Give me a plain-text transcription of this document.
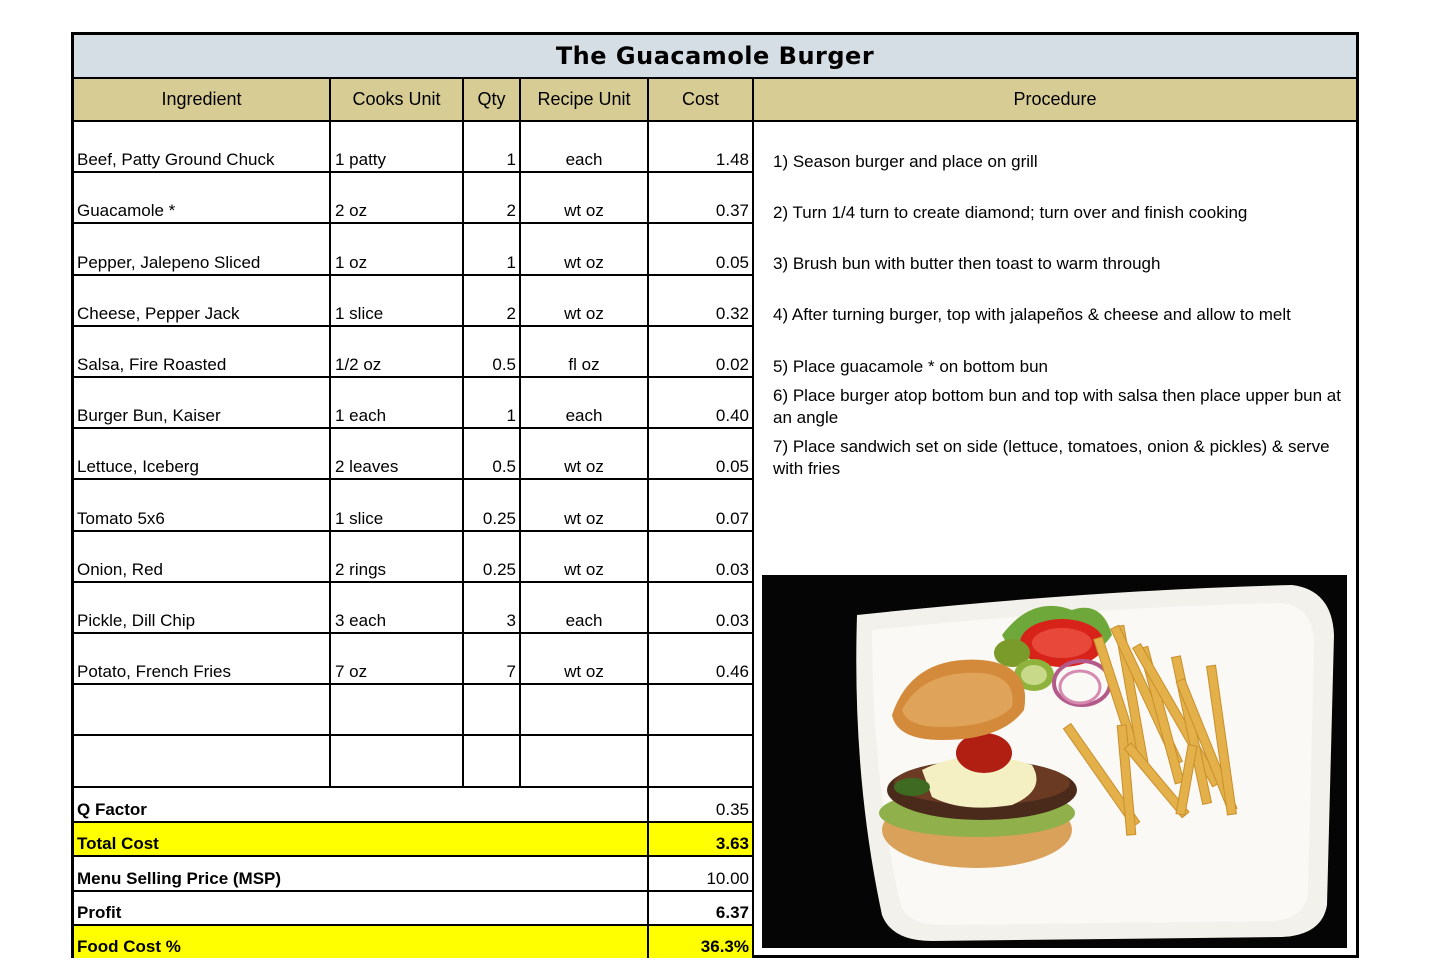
The Guacamole Burger
Ingredient	Cooks Unit	Qty	Recipe Unit	Cost	Procedure
Q Factor	0.35
Total Cost	3.63
Menu Selling Price (MSP)	10.00
Profit	6.37
Food Cost %	36.3%
1) Season burger and place on grill
2) Turn 1/4 turn to create diamond; turn over and finish cooking
3) Brush bun with butter then toast to warm through
4) After turning burger, top with jalapeños & cheese and allow to melt
5) Place guacamole * on bottom bun
6) Place burger atop bottom bun and top with salsa then place upper bun at an angle
7) Place sandwich set on side (lettuce, tomatoes, onion & pickles) & serve with fries
Beef, Patty Ground Chuck	1 patty	1	each	1.48
Guacamole *	2 oz	2	wt oz	0.37
Pepper, Jalepeno Sliced	1 oz	1	wt oz	0.05
Cheese, Pepper Jack	1 slice	2	wt oz	0.32
Salsa, Fire Roasted	1/2 oz	0.5	fl oz	0.02
Burger Bun, Kaiser	1 each	1	each	0.40
Lettuce, Iceberg	2 leaves	0.5	wt oz	0.05
Tomato 5x6	1 slice	0.25	wt oz	0.07
Onion, Red	2 rings	0.25	wt oz	0.03
Pickle, Dill Chip	3 each	3	each	0.03
Potato, French Fries	7 oz	7	wt oz	0.46
